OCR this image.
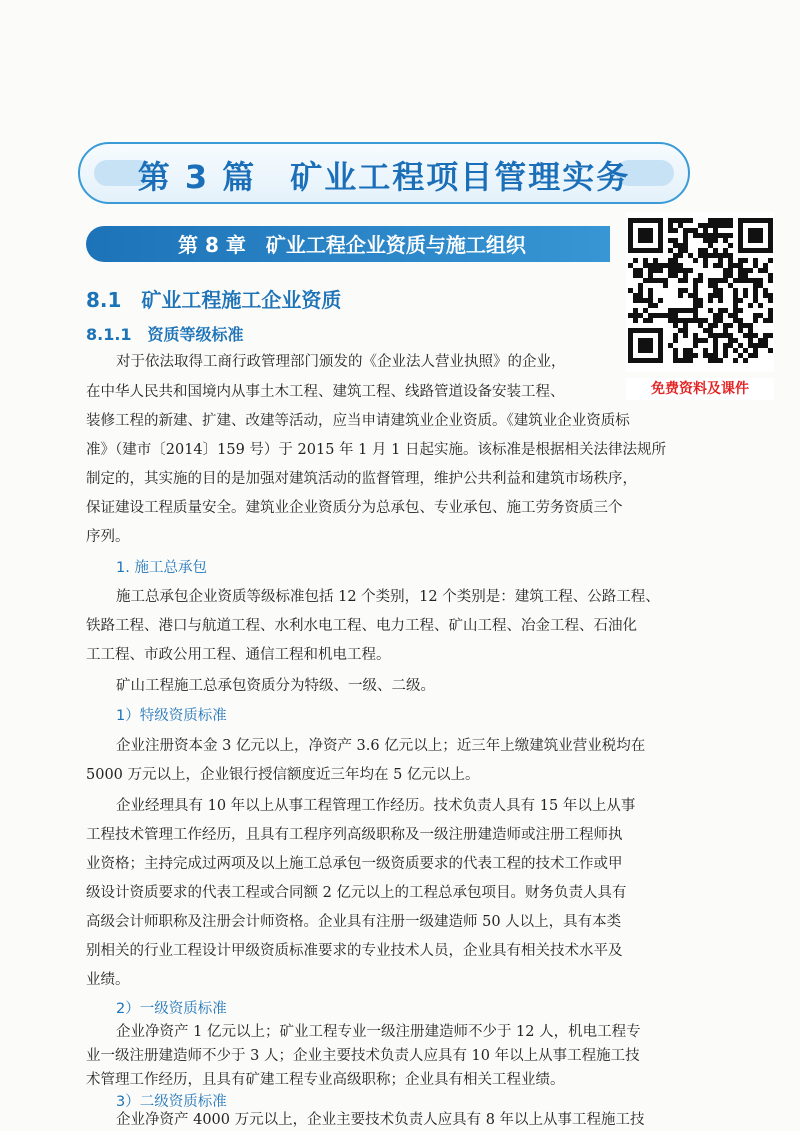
第 3 篇　矿业工程项目管理实务
第 8 章　矿业工程企业资质与施工组织
免费资料及课件
8.1　矿业工程施工企业资质
8.1.1　资质等级标准
对于依法取得工商行政管理部门颁发的《企业法人营业执照》的企业，
在中华人民共和国境内从事土木工程、建筑工程、线路管道设备安装工程、
装修工程的新建、扩建、改建等活动，应当申请建筑业企业资质。《建筑业企业资质标
准》（建市〔2014〕159 号）于 2015 年 1 月 1 日起实施。该标准是根据相关法律法规所
制定的，其实施的目的是加强对建筑活动的监督管理，维护公共利益和建筑市场秩序，
保证建设工程质量安全。建筑业企业资质分为总承包、专业承包、施工劳务资质三个
序列。
1. 施工总承包
施工总承包企业资质等级标准包括 12 个类别，12 个类别是：建筑工程、公路工程、
铁路工程、港口与航道工程、水利水电工程、电力工程、矿山工程、冶金工程、石油化
工工程、市政公用工程、通信工程和机电工程。
矿山工程施工总承包资质分为特级、一级、二级。
1）特级资质标准
企业注册资本金 3 亿元以上，净资产 3.6 亿元以上；近三年上缴建筑业营业税均在
5000 万元以上，企业银行授信额度近三年均在 5 亿元以上。
企业经理具有 10 年以上从事工程管理工作经历。技术负责人具有 15 年以上从事
工程技术管理工作经历，且具有工程序列高级职称及一级注册建造师或注册工程师执
业资格；主持完成过两项及以上施工总承包一级资质要求的代表工程的技术工作或甲
级设计资质要求的代表工程或合同额 2 亿元以上的工程总承包项目。财务负责人具有
高级会计师职称及注册会计师资格。企业具有注册一级建造师 50 人以上，具有本类
别相关的行业工程设计甲级资质标准要求的专业技术人员，企业具有相关技术水平及
业绩。
2）一级资质标准
企业净资产 1 亿元以上；矿业工程专业一级注册建造师不少于 12 人，机电工程专
业一级注册建造师不少于 3 人；企业主要技术负责人应具有 10 年以上从事工程施工技
术管理工作经历，且具有矿建工程专业高级职称；企业具有相关工程业绩。
3）二级资质标准
企业净资产 4000 万元以上，企业主要技术负责人应具有 8 年以上从事工程施工技
